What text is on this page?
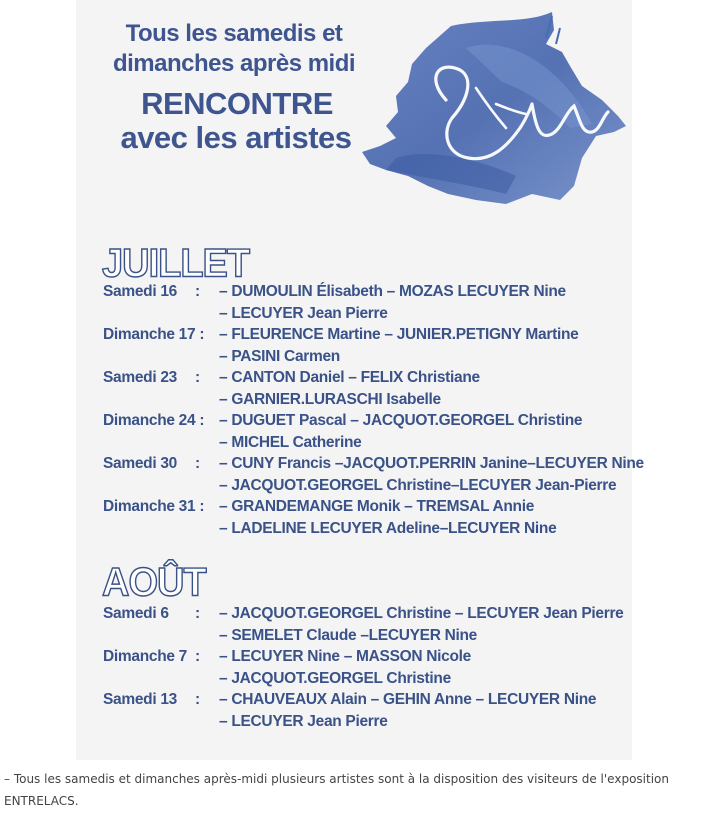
Tous les samedis et
dimanches après midi
RENCONTRE
avec les artistes
JUILLET
Samedi 16 : – DUMOULIN Élisabeth – MOZAS LECUYER Nine
– LECUYER Jean Pierre
Dimanche 17 : – FLEURENCE Martine – JUNIER.PETIGNY Martine
– PASINI Carmen
Samedi 23 : – CANTON Daniel – FELIX Christiane
– GARNIER.LURASCHI Isabelle
Dimanche 24 : – DUGUET Pascal – JACQUOT.GEORGEL Christine
– MICHEL Catherine
Samedi 30 : – CUNY Francis –JACQUOT.PERRIN Janine–LECUYER Nine
– JACQUOT.GEORGEL Christine–LECUYER Jean-Pierre
Dimanche 31 : – GRANDEMANGE Monik – TREMSAL Annie
– LADELINE LECUYER Adeline–LECUYER Nine
AOÛT
Samedi 6 : – JACQUOT.GEORGEL Christine – LECUYER Jean Pierre
– SEMELET Claude –LECUYER Nine
Dimanche 7 : – LECUYER Nine – MASSON Nicole
– JACQUOT.GEORGEL Christine
Samedi 13 : – CHAUVEAUX Alain – GEHIN Anne – LECUYER Nine
– LECUYER Jean Pierre
– Tous les samedis et dimanches après-midi plusieurs artistes sont à la disposition des visiteurs de l'exposition ENTRELACS.
